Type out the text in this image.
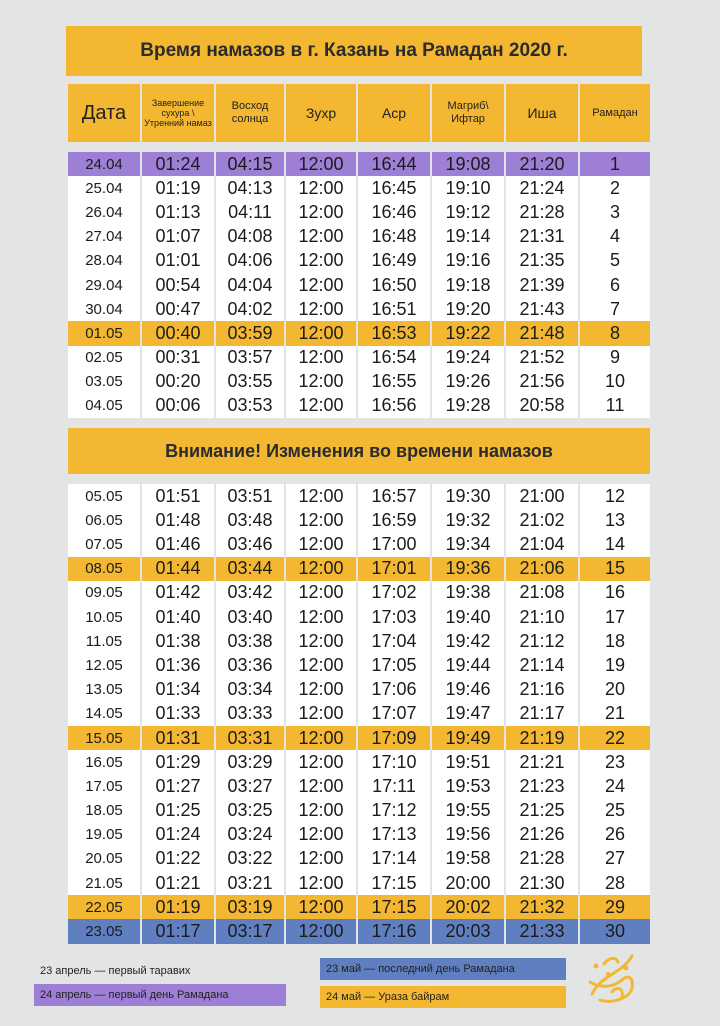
Время намазов в г. Казань на Рамадан 2020 г.
Дата	Завершение сухура \ Утренний намаз	Восход солнца	Зухр	Аср	Магриб\ Ифтар	Иша	Рамадан

24.04	01:24	04:15	12:00	16:44	19:08	21:20	1
25.04	01:19	04:13	12:00	16:45	19:10	21:24	2
26.04	01:13	04:11	12:00	16:46	19:12	21:28	3
27.04	01:07	04:08	12:00	16:48	19:14	21:31	4
28.04	01:01	04:06	12:00	16:49	19:16	21:35	5
29.04	00:54	04:04	12:00	16:50	19:18	21:39	6
30.04	00:47	04:02	12:00	16:51	19:20	21:43	7
01.05	00:40	03:59	12:00	16:53	19:22	21:48	8
02.05	00:31	03:57	12:00	16:54	19:24	21:52	9
03.05	00:20	03:55	12:00	16:55	19:26	21:56	10
04.05	00:06	03:53	12:00	16:56	19:28	20:58	11

Внимание! Изменения во времени намазов							

05.05	01:51	03:51	12:00	16:57	19:30	21:00	12
06.05	01:48	03:48	12:00	16:59	19:32	21:02	13
07.05	01:46	03:46	12:00	17:00	19:34	21:04	14
08.05	01:44	03:44	12:00	17:01	19:36	21:06	15
09.05	01:42	03:42	12:00	17:02	19:38	21:08	16
10.05	01:40	03:40	12:00	17:03	19:40	21:10	17
11.05	01:38	03:38	12:00	17:04	19:42	21:12	18
12.05	01:36	03:36	12:00	17:05	19:44	21:14	19
13.05	01:34	03:34	12:00	17:06	19:46	21:16	20
14.05	01:33	03:33	12:00	17:07	19:47	21:17	21
15.05	01:31	03:31	12:00	17:09	19:49	21:19	22
16.05	01:29	03:29	12:00	17:10	19:51	21:21	23
17.05	01:27	03:27	12:00	17:11	19:53	21:23	24
18.05	01:25	03:25	12:00	17:12	19:55	21:25	25
19.05	01:24	03:24	12:00	17:13	19:56	21:26	26
20.05	01:22	03:22	12:00	17:14	19:58	21:28	27
21.05	01:21	03:21	12:00	17:15	20:00	21:30	28
22.05	01:19	03:19	12:00	17:15	20:02	21:32	29
23.05	01:17	03:17	12:00	17:16	20:03	21:33	30
23 апрель — первый таравих
24 апрель — первый день Рамадана
23 май — последний день Рамадана
24 май — Ураза байрам
